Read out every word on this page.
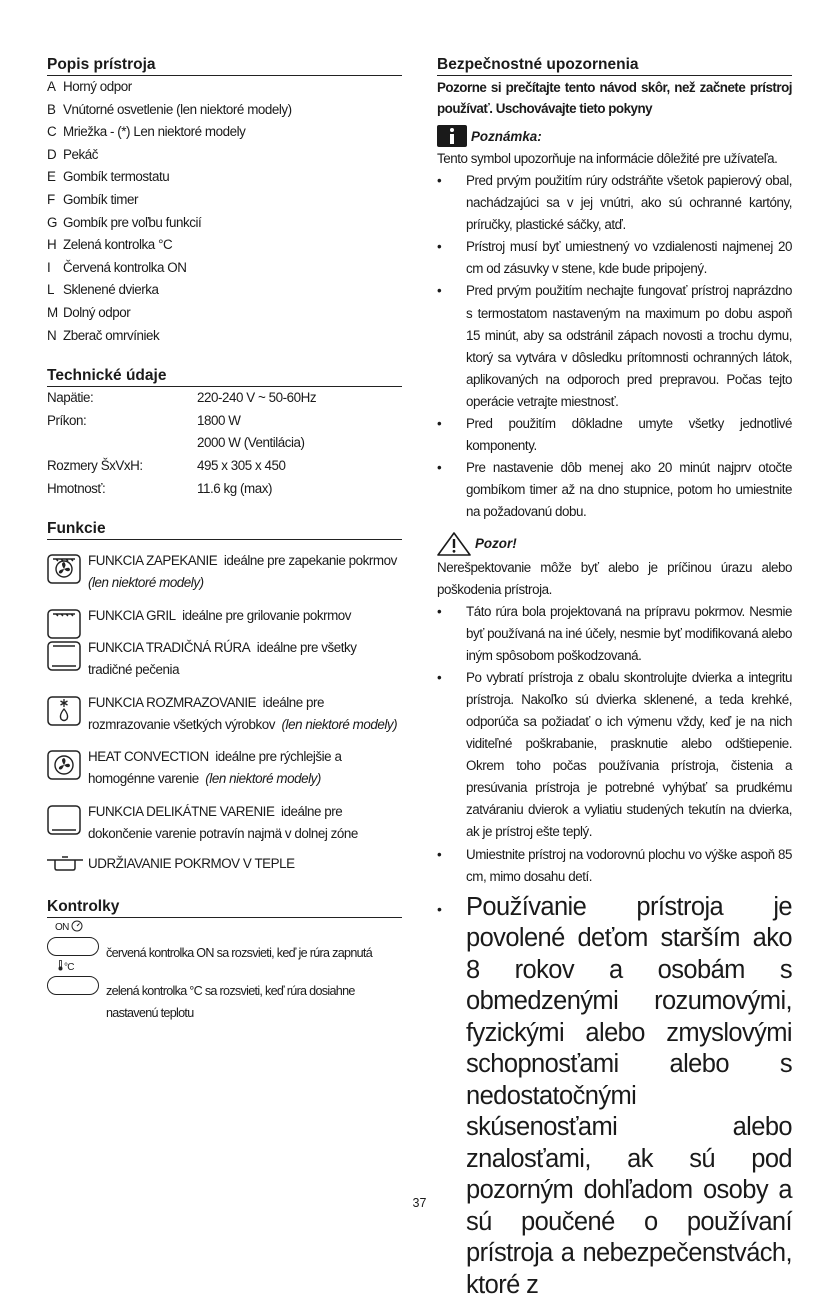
Popis prístroja
A Horný odpor
B Vnútorné osvetlenie (len niektoré modely)
C Mriežka - (*) Len niektoré modely
D Pekáč
E Gombík termostatu
F Gombík timer
G Gombík pre voľbu funkcií
H Zelená kontrolka °C
I Červená kontrolka ON
L Sklenené dvierka
M Dolný odpor
N Zberač omrvíniek
Technické údaje
Napätie:	220-240 V ~ 50-60Hz
Príkon:	1800 W
	2000 W (Ventilácia)
Rozmery ŠxVxH:	495 x 305 x 450
Hmotnosť:	11.6 kg (max)
Funkcie
FUNKCIA ZAPEKANIE ideálne pre zapekanie pokrmov  (len niektoré modely)
FUNKCIA GRIL ideálne pre grilovanie pokrmov
FUNKCIA TRADIČNÁ RÚRA ideálne pre všetky tradičné pečenia
FUNKCIA ROZMRAZOVANIE ideálne pre rozmrazovanie všetkých výrobkov (len niektoré modely)
HEAT CONVECTION ideálne pre rýchlejšie a homogénne varenie (len niektoré modely)
FUNKCIA DELIKÁTNE VARENIE ideálne pre dokončenie varenie potravín najmä v dolnej zóne
UDRŽIAVANIE POKRMOV V TEPLE
Kontrolky
ON
červená kontrolka ON sa rozsvieti, keď je rúra zapnutá
°C
zelená kontrolka °C sa rozsvieti, keď rúra dosiahne
nastavenú teplotu
Bezpečnostné upozornenia
Pozorne si prečítajte tento návod skôr, než začnete prístroj používať. Uschovávajte tieto pokyny
Poznámka:
Tento symbol upozorňuje na informácie dôležité pre užívateľa.
• Pred prvým použitím rúry odstráňte všetok papierový obal, nachádzajúci sa v jej vnútri, ako sú ochranné kartóny, príručky, plastické sáčky, atď.
• Prístroj musí byť umiestnený vo vzdialenosti najmenej 20 cm od zásuvky v stene, kde bude pripojený.
• Pred prvým použitím nechajte fungovať prístroj naprázdno s termostatom nastaveným na maximum po dobu aspoň 15 minút, aby sa odstránil zápach novosti a trochu dymu, ktorý sa vytvára v dôsledku prítomnosti ochranných látok, aplikovaných na odporoch pred prepravou. Počas tejto operácie vetrajte miestnosť.
• Pred použitím dôkladne umyte všetky jednotlivé komponenty.
• Pre nastavenie dôb menej ako 20 minút najprv otočte gombíkom timer až na dno stupnice, potom ho umiestnite na požadovanú dobu.
Pozor!
Nerešpektovanie môže byť alebo je príčinou úrazu alebo poškodenia prístroja.
• Táto rúra bola projektovaná na prípravu pokrmov. Nesmie byť používaná na iné účely, nesmie byť modifikovaná alebo iným spôsobom poškodzovaná.
• Po vybratí prístroja z obalu skontrolujte dvierka a integritu prístroja. Nakoľko sú dvierka sklenené, a teda krehké, odporúča sa požiadať o ich výmenu vždy, keď je na nich viditeľné poškrabanie, prasknutie alebo odštiepenie. Okrem toho počas používania prístroja, čistenia a presúvania prístroja je potrebné vyhýbať sa prudkému zatváraniu dvierok a vyliatiu studených tekutín na dvierka, ak je prístroj ešte teplý.
• Umiestnite prístroj na vodorovnú plochu vo výške aspoň 85 cm, mimo dosahu detí.
• Používanie prístroja je povolené deťom starším ako 8 rokov a osobám s obmedzenými rozumovými, fyzickými alebo zmyslovými schopnosťami alebo s nedostatočnými skúsenosťami alebo znalosťami, ak sú pod pozorným dohľadom osoby a sú poučené o používaní prístroja a nebezpečenstvách, ktoré z
37
